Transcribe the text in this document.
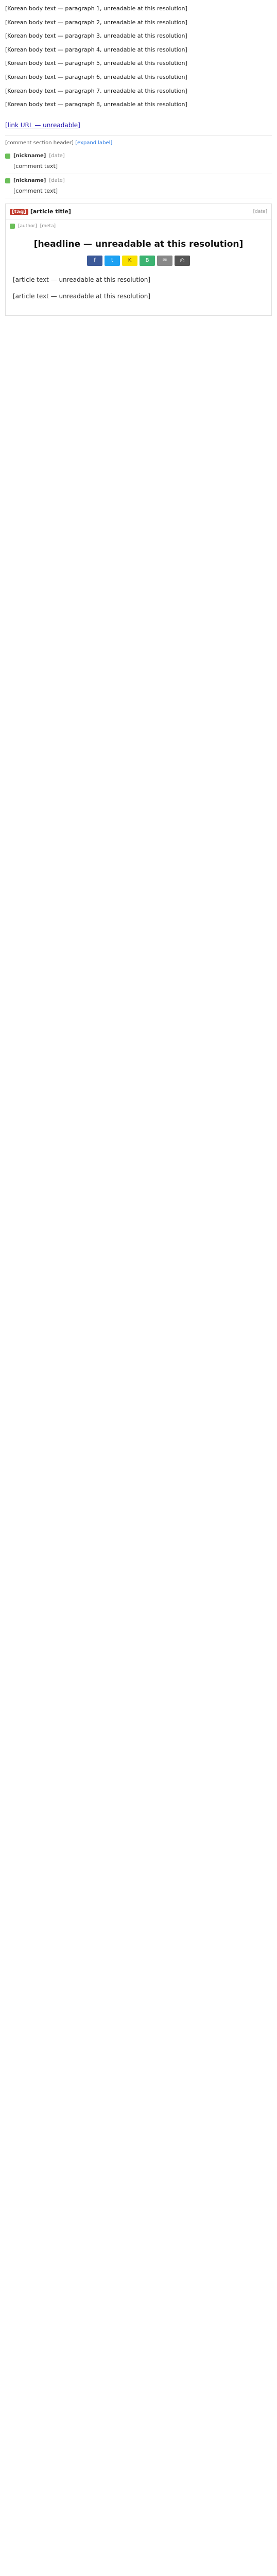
[Korean body text — paragraph 1, unreadable at this resolution]

[Korean body text — paragraph 2, unreadable at this resolution]

[Korean body text — paragraph 3, unreadable at this resolution]

[Korean body text — paragraph 4, unreadable at this resolution]

[Korean body text — paragraph 5, unreadable at this resolution]

[Korean body text — paragraph 6, unreadable at this resolution]

[Korean body text — paragraph 7, unreadable at this resolution]

[Korean body text — paragraph 8, unreadable at this resolution]

[link URL — unreadable]
[comment section header] [expand label]
[nickname] [date]
[comment text]
[nickname] [date]
[comment text]
[tag] [article title]	[date]
[author] [meta]
[headline — unreadable at this resolution]
f	t	K	B	✉	⎙

[article text — unreadable at this resolution]

[article text — unreadable at this resolution]
